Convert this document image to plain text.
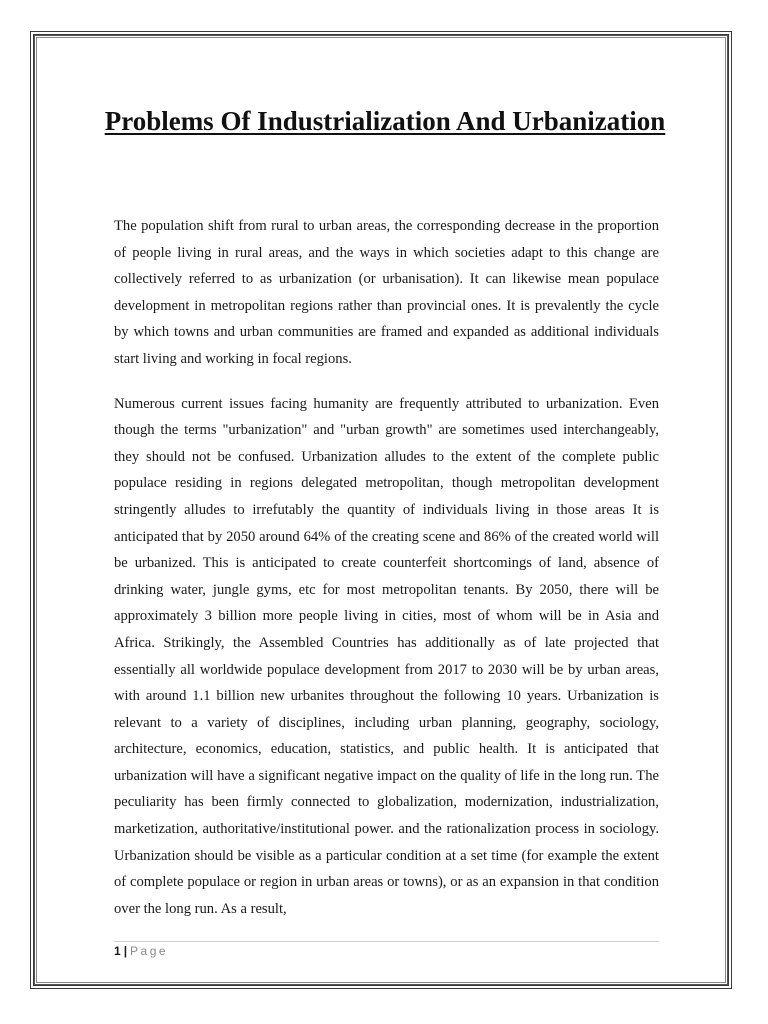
Problems Of Industrialization And Urbanization

The population shift from rural to urban areas, the corresponding decrease in the proportion of people living in rural areas, and the ways in which societies adapt to this change are collectively referred to as urbanization (or urbanisation). It can likewise mean populace development in metropolitan regions rather than provincial ones. It is prevalently the cycle by which towns and urban communities are framed and expanded as additional individuals start living and working in focal regions.

Numerous current issues facing humanity are frequently attributed to urbanization. Even though the terms "urbanization" and "urban growth" are sometimes used interchangeably, they should not be confused. Urbanization alludes to the extent of the complete public populace residing in regions delegated metropolitan, though metropolitan development stringently alludes to irrefutably the quantity of individuals living in those areas It is anticipated that by 2050 around 64% of the creating scene and 86% of the created world will be urbanized. This is anticipated to create counterfeit shortcomings of land, absence of drinking water, jungle gyms, etc for most metropolitan tenants. By 2050, there will be approximately 3 billion more people living in cities, most of whom will be in Asia and Africa. Strikingly, the Assembled Countries has additionally as of late projected that essentially all worldwide populace development from 2017 to 2030 will be by urban areas, with around 1.1 billion new urbanites throughout the following 10 years. Urbanization is relevant to a variety of disciplines, including urban planning, geography, sociology, architecture, economics, education, statistics, and public health. It is anticipated that urbanization will have a significant negative impact on the quality of life in the long run. The peculiarity has been firmly connected to globalization, modernization, industrialization, marketization, authoritative/institutional power. and the rationalization process in sociology. Urbanization should be visible as a particular condition at a set time (for example the extent of complete populace or region in urban areas or towns), or as an expansion in that condition over the long run. As a result,

1 | Page
